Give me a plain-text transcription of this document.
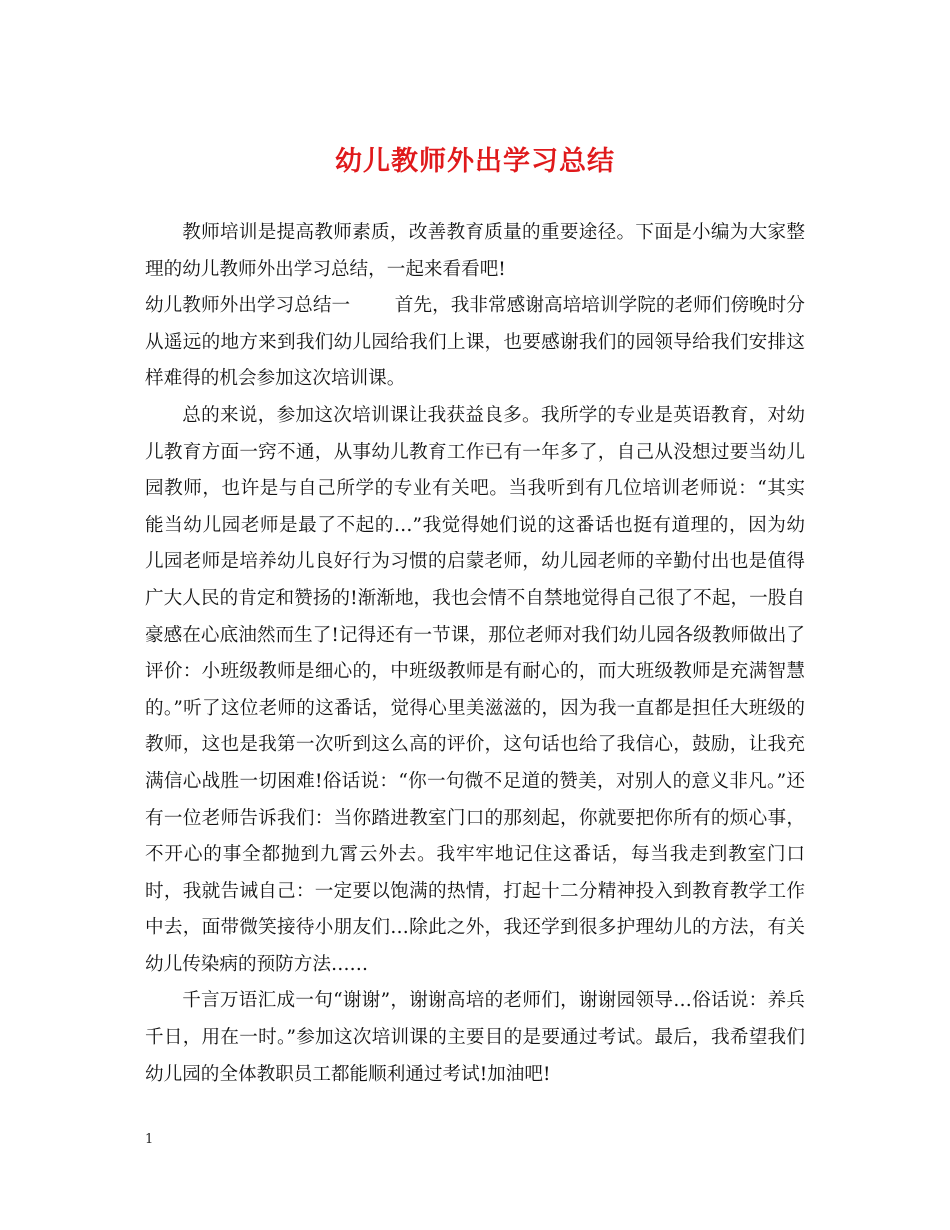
幼儿教师外出学习总结

教师培训是提高教师素质，改善教育质量的重要途径。下面是小编为大家整理的幼儿教师外出学习总结，一起来看看吧!

幼儿教师外出学习总结一 首先，我非常感谢高培培训学院的老师们傍晚时分从遥远的地方来到我们幼儿园给我们上课，也要感谢我们的园领导给我们安排这样难得的机会参加这次培训课。

总的来说，参加这次培训课让我获益良多。我所学的专业是英语教育，对幼儿教育方面一窍不通，从事幼儿教育工作已有一年多了，自己从没想过要当幼儿园教师，也许是与自己所学的专业有关吧。当我听到有几位培训老师说：“其实能当幼儿园老师是最了不起的…”我觉得她们说的这番话也挺有道理的，因为幼儿园老师是培养幼儿良好行为习惯的启蒙老师，幼儿园老师的辛勤付出也是值得广大人民的肯定和赞扬的!渐渐地，我也会情不自禁地觉得自己很了不起，一股自豪感在心底油然而生了!记得还有一节课，那位老师对我们幼儿园各级教师做出了评价：小班级教师是细心的，中班级教师是有耐心的，而大班级教师是充满智慧的。”听了这位老师的这番话，觉得心里美滋滋的，因为我一直都是担任大班级的教师，这也是我第一次听到这么高的评价，这句话也给了我信心，鼓励，让我充满信心战胜一切困难!俗话说：“你一句微不足道的赞美，对别人的意义非凡。”还有一位老师告诉我们：当你踏进教室门口的那刻起，你就要把你所有的烦心事，不开心的事全都抛到九霄云外去。我牢牢地记住这番话，每当我走到教室门口时，我就告诫自己：一定要以饱满的热情，打起十二分精神投入到教育教学工作中去，面带微笑接待小朋友们…除此之外，我还学到很多护理幼儿的方法，有关幼儿传染病的预防方法……

千言万语汇成一句“谢谢”，谢谢高培的老师们，谢谢园领导…俗话说：养兵千日，用在一时。”参加这次培训课的主要目的是要通过考试。最后，我希望我们幼儿园的全体教职员工都能顺利通过考试!加油吧!

1
